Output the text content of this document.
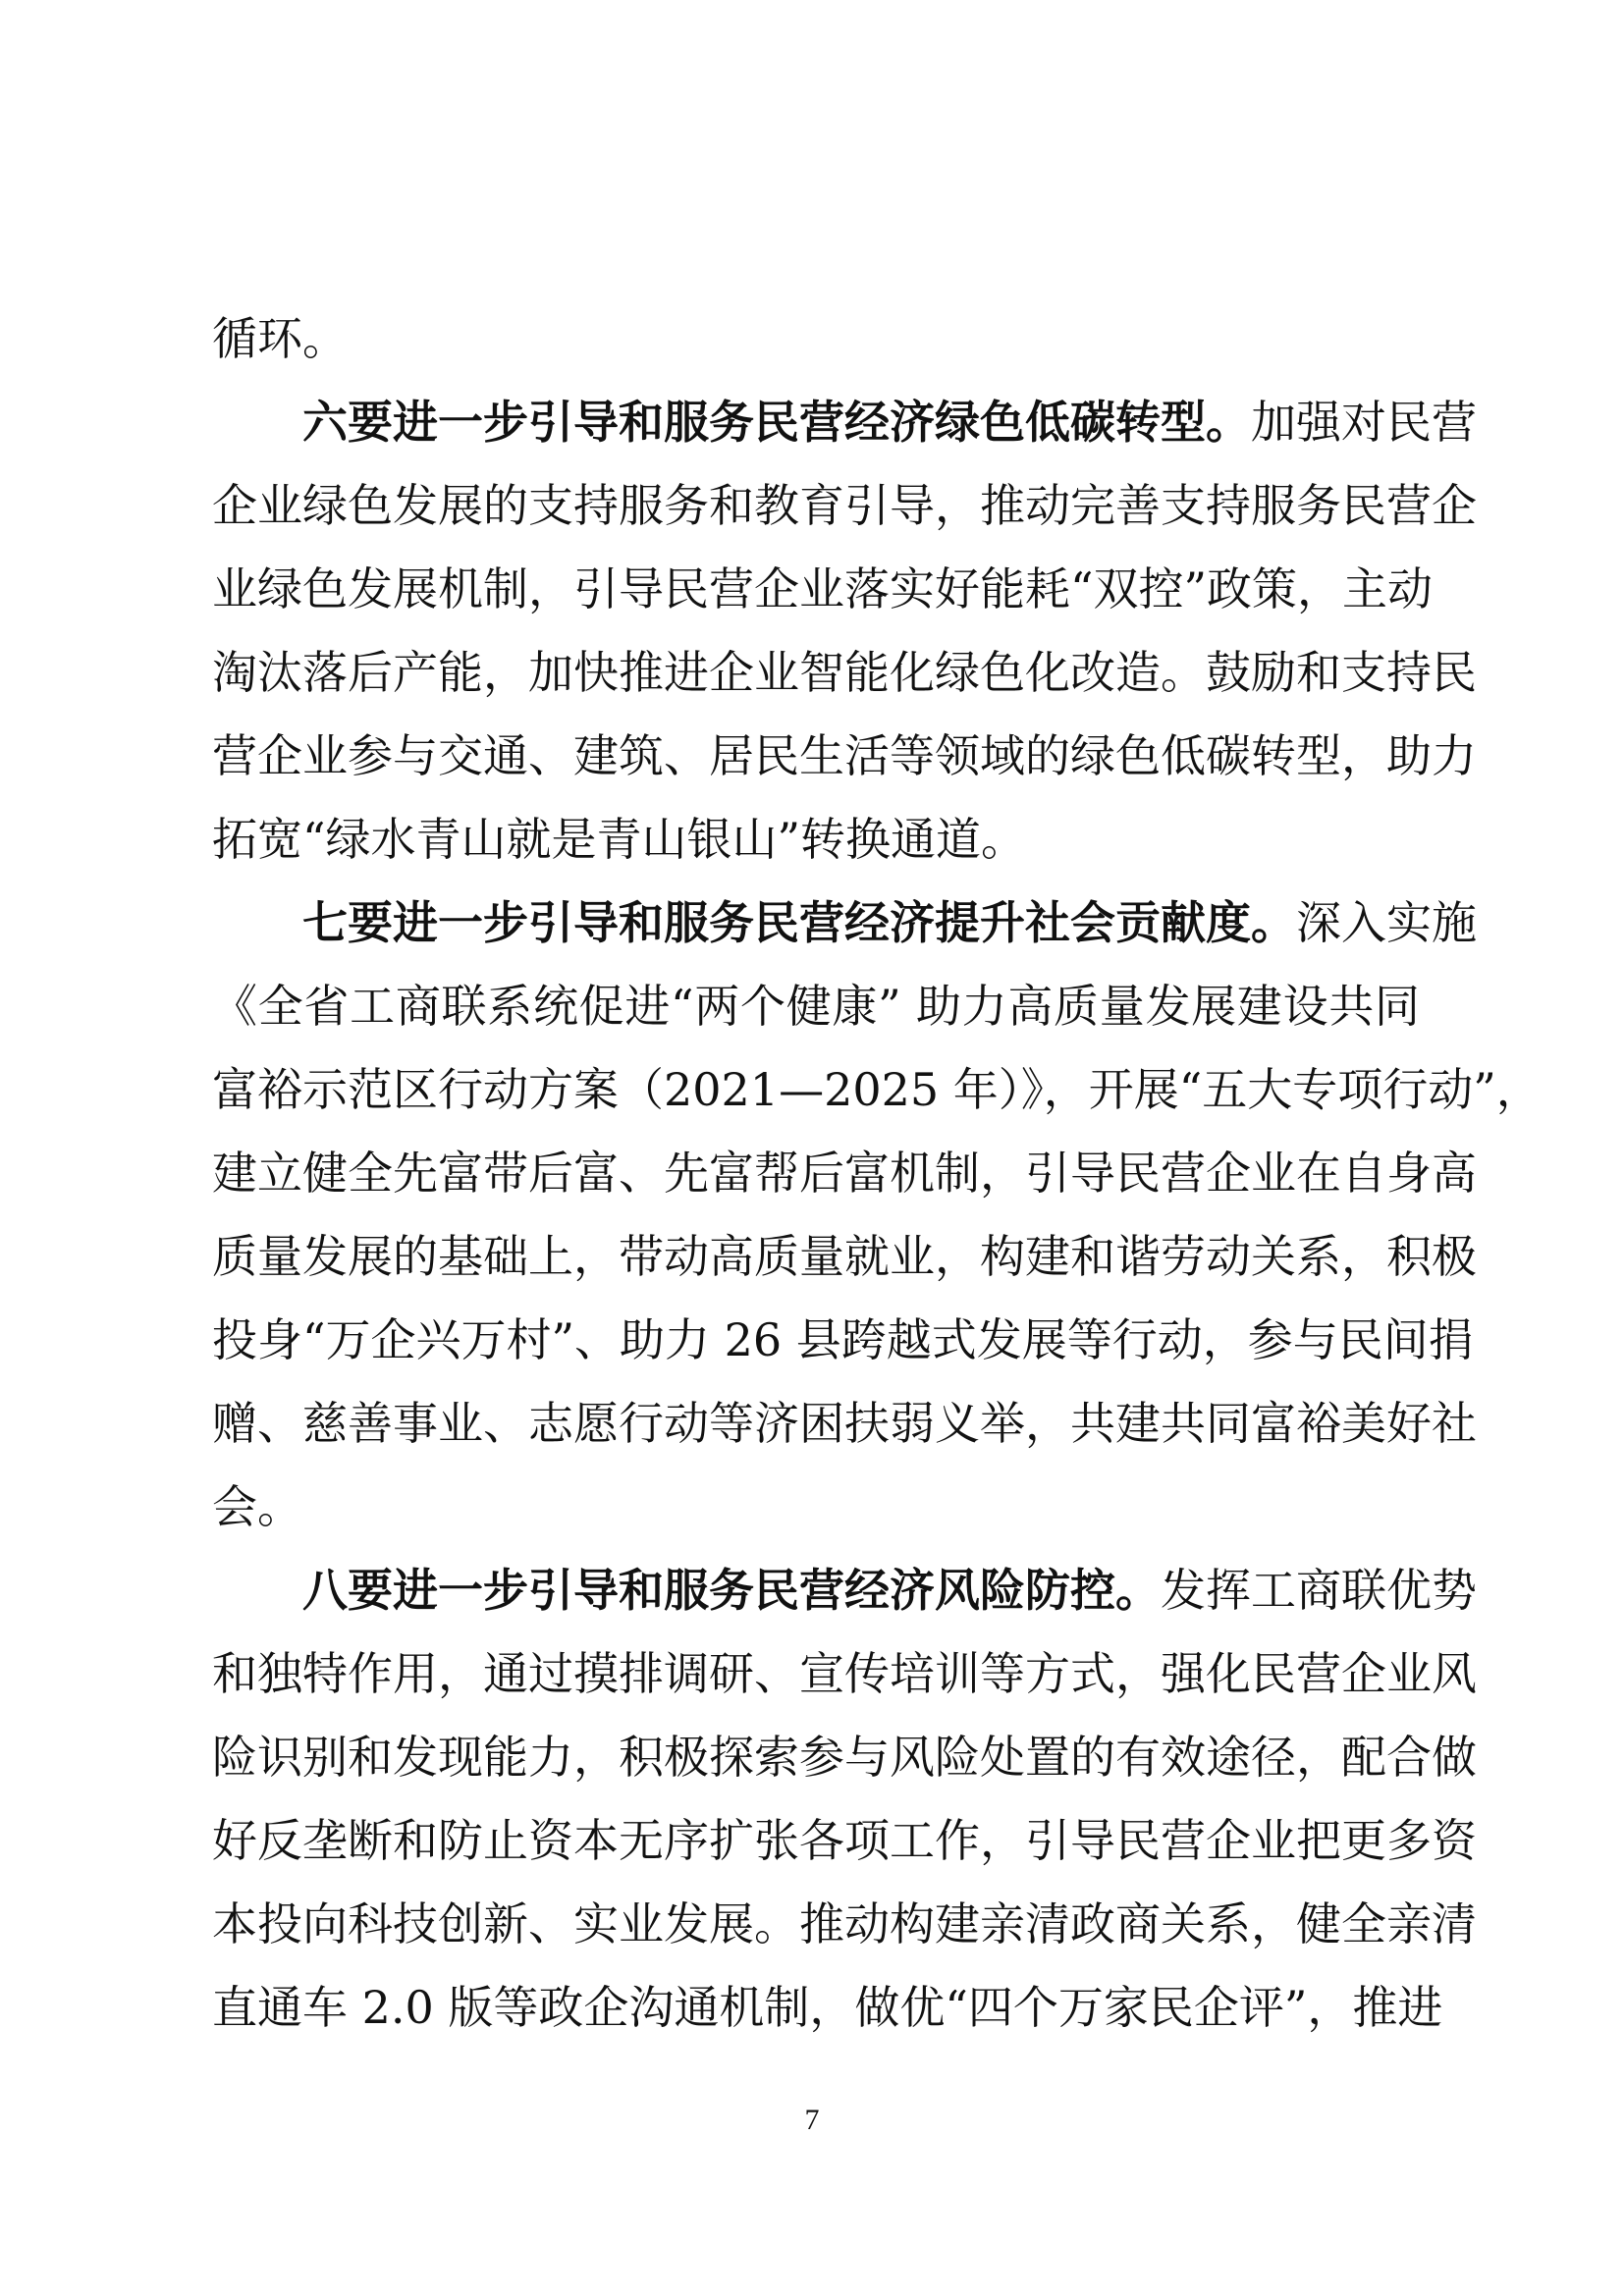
循环。
六要进一步引导和服务民营经济绿色低碳转型。加强对民营
企业绿色发展的支持服务和教育引导，推动完善支持服务民营企
业绿色发展机制，引导民营企业落实好能耗“双控”政策，主动
淘汰落后产能，加快推进企业智能化绿色化改造。鼓励和支持民
营企业参与交通、建筑、居民生活等领域的绿色低碳转型，助力
拓宽“绿水青山就是青山银山”转换通道。
七要进一步引导和服务民营经济提升社会贡献度。深入实施
《全省工商联系统促进“两个健康” 助力高质量发展建设共同
富裕示范区行动方案（2021—2025 年）》，开展“五大专项行动”，
建立健全先富带后富、先富帮后富机制，引导民营企业在自身高
质量发展的基础上，带动高质量就业，构建和谐劳动关系，积极
投身“万企兴万村”、助力 26 县跨越式发展等行动，参与民间捐
赠、慈善事业、志愿行动等济困扶弱义举，共建共同富裕美好社
会。
八要进一步引导和服务民营经济风险防控。发挥工商联优势
和独特作用，通过摸排调研、宣传培训等方式，强化民营企业风
险识别和发现能力，积极探索参与风险处置的有效途径，配合做
好反垄断和防止资本无序扩张各项工作，引导民营企业把更多资
本投向科技创新、实业发展。推动构建亲清政商关系，健全亲清
直通车 2.0 版等政企沟通机制，做优“四个万家民企评”，推进
7
